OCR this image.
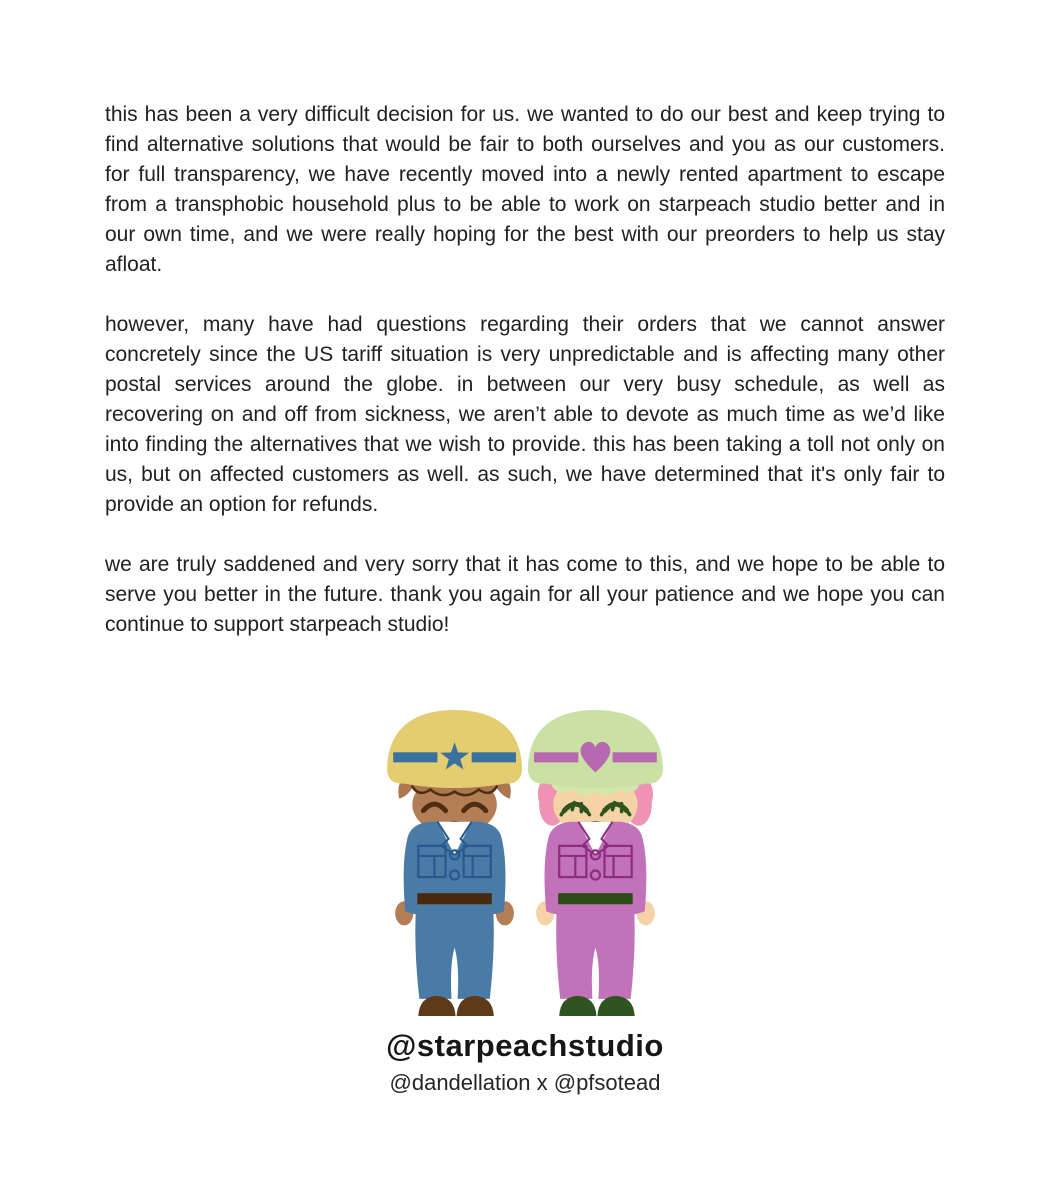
this has been a very difficult decision for us. we wanted to do our best and keep trying to find alternative solutions that would be fair to both ourselves and you as our customers. for full transparency, we have recently moved into a newly rented apartment to escape from a transphobic household plus to be able to work on starpeach studio better and in our own time, and we were really hoping for the best with our preorders to help us stay afloat.

however, many have had questions regarding their orders that we cannot answer concretely since the US tariff situation is very unpredictable and is affecting many other postal services around the globe. in between our very busy schedule, as well as recovering on and off from sickness, we aren’t able to devote as much time as we’d like into finding the alternatives that we wish to provide. this has been taking a toll not only on us, but on affected customers as well. as such, we have determined that it's only fair to provide an option for refunds.

we are truly saddened and very sorry that it has come to this, and we hope to be able to serve you better in the future. thank you again for all your patience and we hope you can continue to support starpeach studio!

@starpeachstudio
@dandellation x @pfsotead
